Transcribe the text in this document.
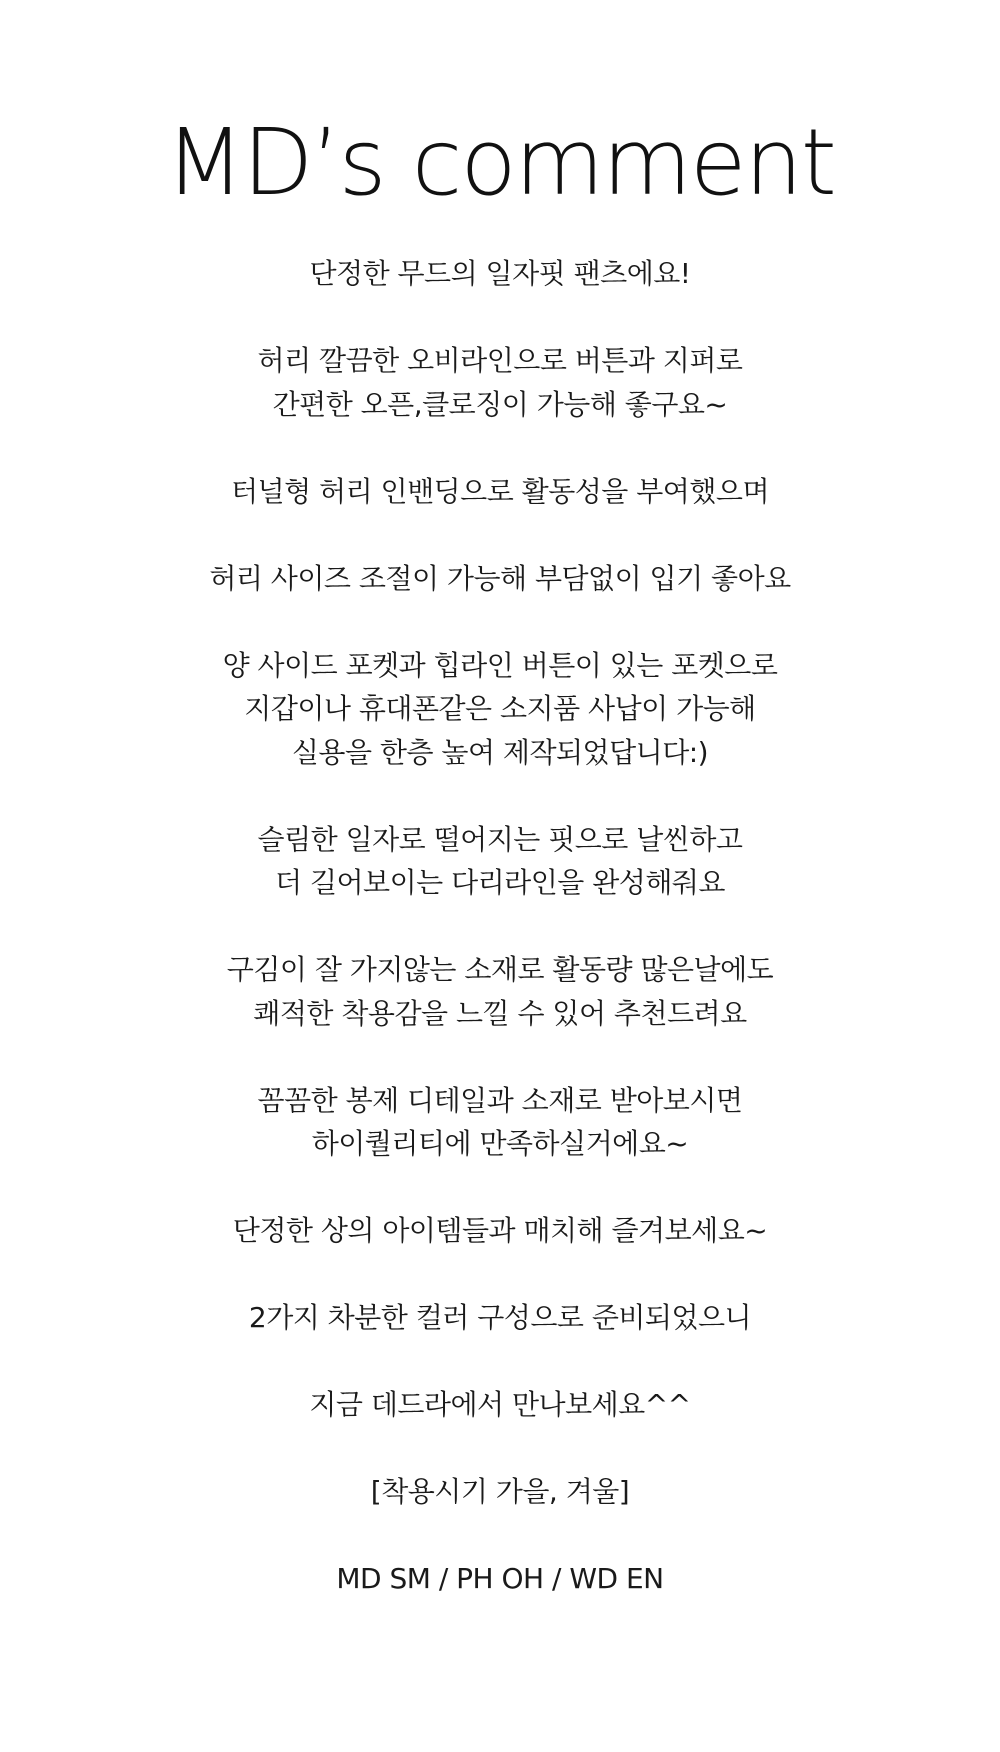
MD’s comment

단정한 무드의 일자핏 팬츠에요!

허리 깔끔한 오비라인으로 버튼과 지퍼로
간편한 오픈,클로징이 가능해 좋구요~

터널형 허리 인밴딩으로 활동성을 부여했으며

허리 사이즈 조절이 가능해 부담없이 입기 좋아요

양 사이드 포켓과 힙라인 버튼이 있는 포켓으로
지갑이나 휴대폰같은 소지품 사납이 가능해
실용을 한층 높여 제작되었답니다:)

슬림한 일자로 떨어지는 핏으로 날씬하고
더 길어보이는 다리라인을 완성해줘요

구김이 잘 가지않는 소재로 활동량 많은날에도
쾌적한 착용감을 느낄 수 있어 추천드려요

꼼꼼한 봉제 디테일과 소재로 받아보시면
하이퀄리티에 만족하실거에요~

단정한 상의 아이템들과 매치해 즐겨보세요~

2가지 차분한 컬러 구성으로 준비되었으니

지금 데드라에서 만나보세요^^

[착용시기 가을, 겨울]

MD SM / PH OH / WD EN
